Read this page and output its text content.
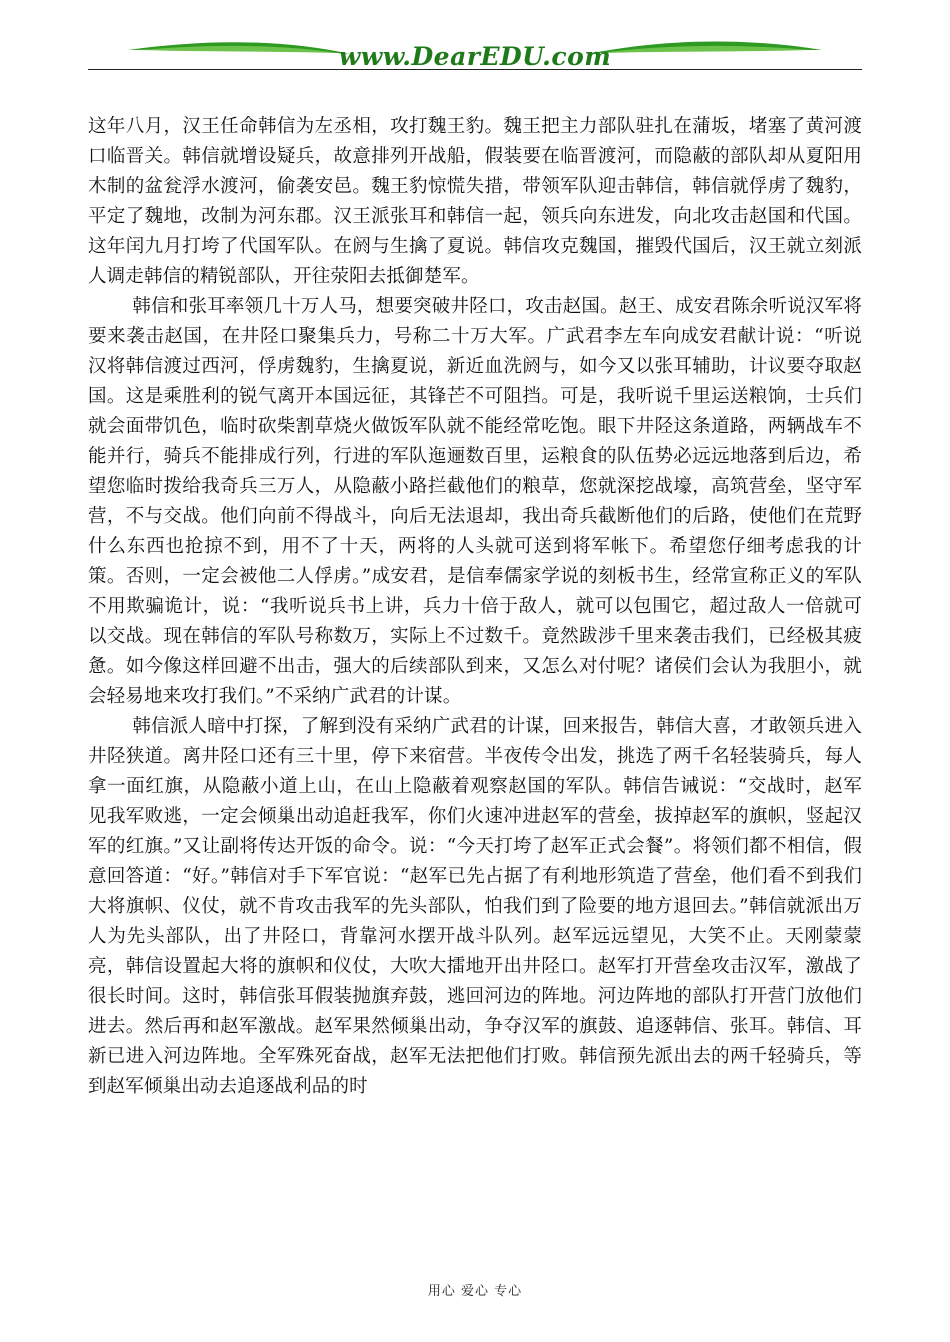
www.DearEDU.com

这年八月，汉王任命韩信为左丞相，攻打魏王豹。魏王把主力部队驻扎在蒲坂，堵塞了黄河渡口临晋关。韩信就增设疑兵，故意排列开战船，假装要在临晋渡河，而隐蔽的部队却从夏阳用木制的盆瓮浮水渡河，偷袭安邑。魏王豹惊慌失措，带领军队迎击韩信，韩信就俘虏了魏豹，平定了魏地，改制为河东郡。汉王派张耳和韩信一起，领兵向东进发，向北攻击赵国和代国。这年闰九月打垮了代国军队。在阏与生擒了夏说。韩信攻克魏国，摧毁代国后，汉王就立刻派人调走韩信的精锐部队，开往荥阳去抵御楚军。

韩信和张耳率领几十万人马，想要突破井陉口，攻击赵国。赵王、成安君陈余听说汉军将要来袭击赵国，在井陉口聚集兵力，号称二十万大军。广武君李左车向成安君献计说：“听说汉将韩信渡过西河，俘虏魏豹，生擒夏说，新近血洗阏与，如今又以张耳辅助，计议要夺取赵国。这是乘胜利的锐气离开本国远征，其锋芒不可阻挡。可是，我听说千里运送粮饷，士兵们就会面带饥色，临时砍柴割草烧火做饭军队就不能经常吃饱。眼下井陉这条道路，两辆战车不能并行，骑兵不能排成行列，行进的军队迤逦数百里，运粮食的队伍势必远远地落到后边，希望您临时拨给我奇兵三万人，从隐蔽小路拦截他们的粮草，您就深挖战壕，高筑营垒，坚守军营，不与交战。他们向前不得战斗，向后无法退却，我出奇兵截断他们的后路，使他们在荒野什么东西也抢掠不到，用不了十天，两将的人头就可送到将军帐下。希望您仔细考虑我的计策。否则，一定会被他二人俘虏。”成安君，是信奉儒家学说的刻板书生，经常宣称正义的军队不用欺骗诡计，说：“我听说兵书上讲，兵力十倍于敌人，就可以包围它，超过敌人一倍就可以交战。现在韩信的军队号称数万，实际上不过数千。竟然跋涉千里来袭击我们，已经极其疲惫。如今像这样回避不出击，强大的后续部队到来，又怎么对付呢？诸侯们会认为我胆小，就会轻易地来攻打我们。”不采纳广武君的计谋。

韩信派人暗中打探，了解到没有采纳广武君的计谋，回来报告，韩信大喜，才敢领兵进入井陉狭道。离井陉口还有三十里，停下来宿营。半夜传令出发，挑选了两千名轻装骑兵，每人拿一面红旗，从隐蔽小道上山，在山上隐蔽着观察赵国的军队。韩信告诫说：“交战时，赵军见我军败逃，一定会倾巢出动追赶我军，你们火速冲进赵军的营垒，拔掉赵军的旗帜，竖起汉军的红旗。”又让副将传达开饭的命令。说：“今天打垮了赵军正式会餐”。将领们都不相信，假意回答道：“好。”韩信对手下军官说：“赵军已先占据了有利地形筑造了营垒，他们看不到我们大将旗帜、仪仗，就不肯攻击我军的先头部队，怕我们到了险要的地方退回去。”韩信就派出万人为先头部队，出了井陉口，背靠河水摆开战斗队列。赵军远远望见，大笑不止。天刚蒙蒙亮，韩信设置起大将的旗帜和仪仗，大吹大擂地开出井陉口。赵军打开营垒攻击汉军，激战了很长时间。这时，韩信张耳假装抛旗弃鼓，逃回河边的阵地。河边阵地的部队打开营门放他们进去。然后再和赵军激战。赵军果然倾巢出动，争夺汉军的旗鼓、追逐韩信、张耳。韩信、耳新已进入河边阵地。全军殊死奋战，赵军无法把他们打败。韩信预先派出去的两千轻骑兵，等到赵军倾巢出动去追逐战利品的时

用心 爱心 专心
